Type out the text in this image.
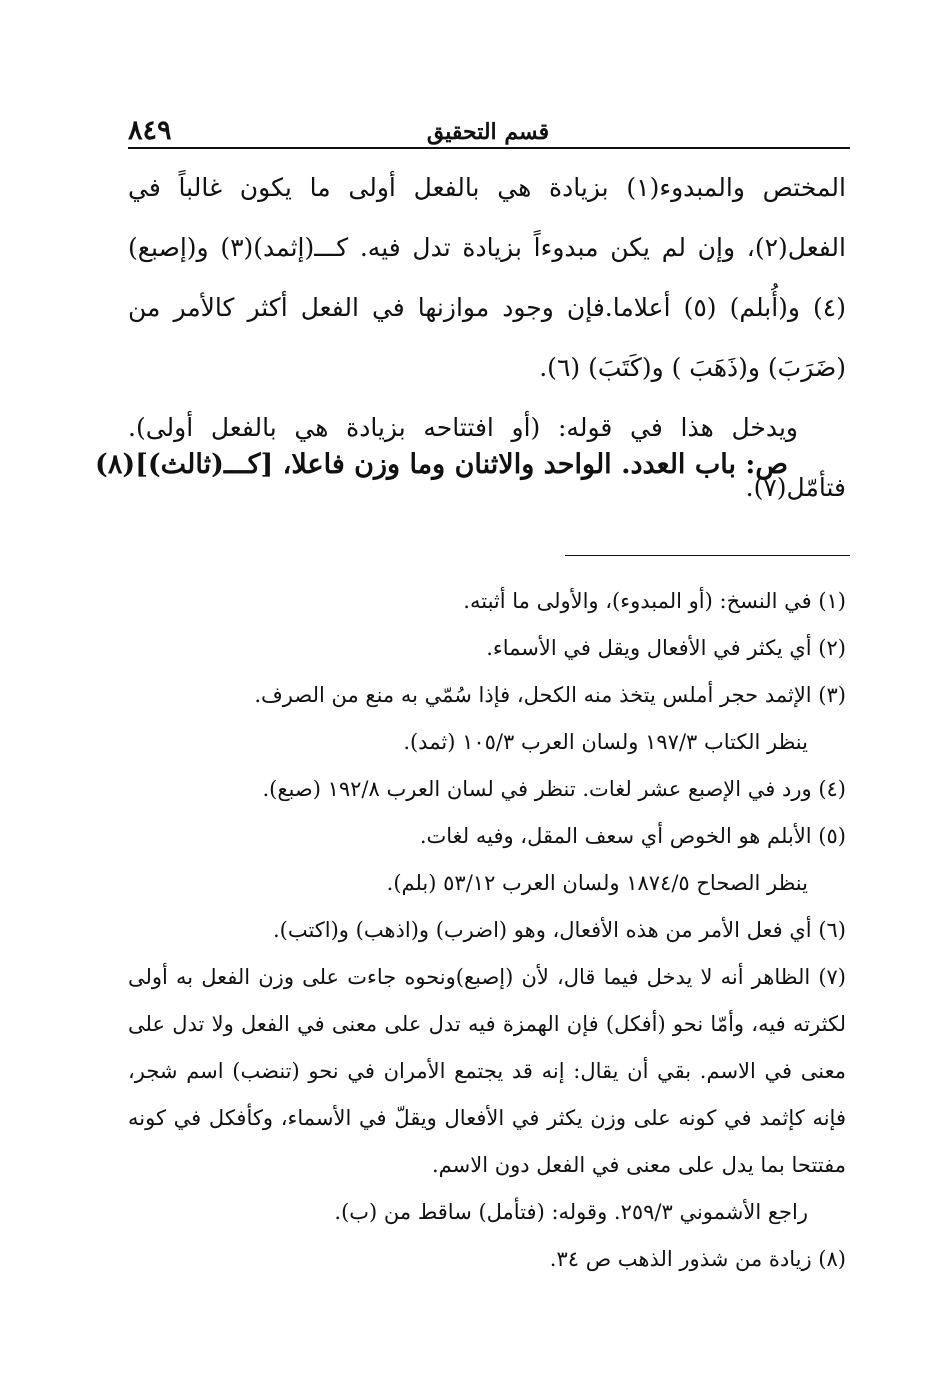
قسم التحقيق
٨٤٩

المختص والمبدوء(١) بزيادة هي بالفعل أولى ما يكون غالباً في الفعل(٢)، وإن لم يكن مبدوءاً بزيادة تدل فيه. كـــ(إثمد)(٣) و(إصبع) (٤) و(أُبلم) (٥) أعلاما.فإن وجود موازنها في الفعل أكثر كالأمر من (ضَرَبَ) و(ذَهَبَ ) و(كَتَبَ) (٦).

ويدخل هذا في قوله: (أو افتتاحه بزيادة هي بالفعل أولى). فتأمّل(٧).

ص: باب العدد. الواحد والاثنان وما وزن فاعلا، [كـــ(ثالث)](٨)

(١) في النسخ: (أو المبدوء)، والأولى ما أثبته.

(٢) أي يكثر في الأفعال ويقل في الأسماء.

(٣) الإثمد حجر أملس يتخذ منه الكحل، فإذا سُمّي به منع من الصرف.

ينظر الكتاب ١٩٧/٣ ولسان العرب ١٠٥/٣ (ثمد).

(٤) ورد في الإصبع عشر لغات. تنظر في لسان العرب ١٩٢/٨ (صبع).

(٥) الأبلم هو الخوص أي سعف المقل، وفيه لغات.

ينظر الصحاح ١٨٧٤/٥ ولسان العرب ٥٣/١٢ (بلم).

(٦) أي فعل الأمر من هذه الأفعال، وهو (اضرب) و(اذهب) و(اكتب).

(٧) الظاهر أنه لا يدخل فيما قال، لأن (إصبع)ونحوه جاءت على وزن الفعل به أولى لكثرته فيه، وأمّا نحو (أفكل) فإن الهمزة فيه تدل على معنى في الفعل ولا تدل على معنى في الاسم. بقي أن يقال: إنه قد يجتمع الأمران في نحو (تنضب) اسم شجر، فإنه كإثمد في كونه على وزن يكثر في الأفعال ويقلّ في الأسماء، وكأفكل في كونه مفتتحا بما يدل على معنى في الفعل دون الاسم.

راجع الأشموني ٢٥٩/٣. وقوله: (فتأمل) ساقط من (ب).

(٨) زيادة من شذور الذهب ص ٣٤.
